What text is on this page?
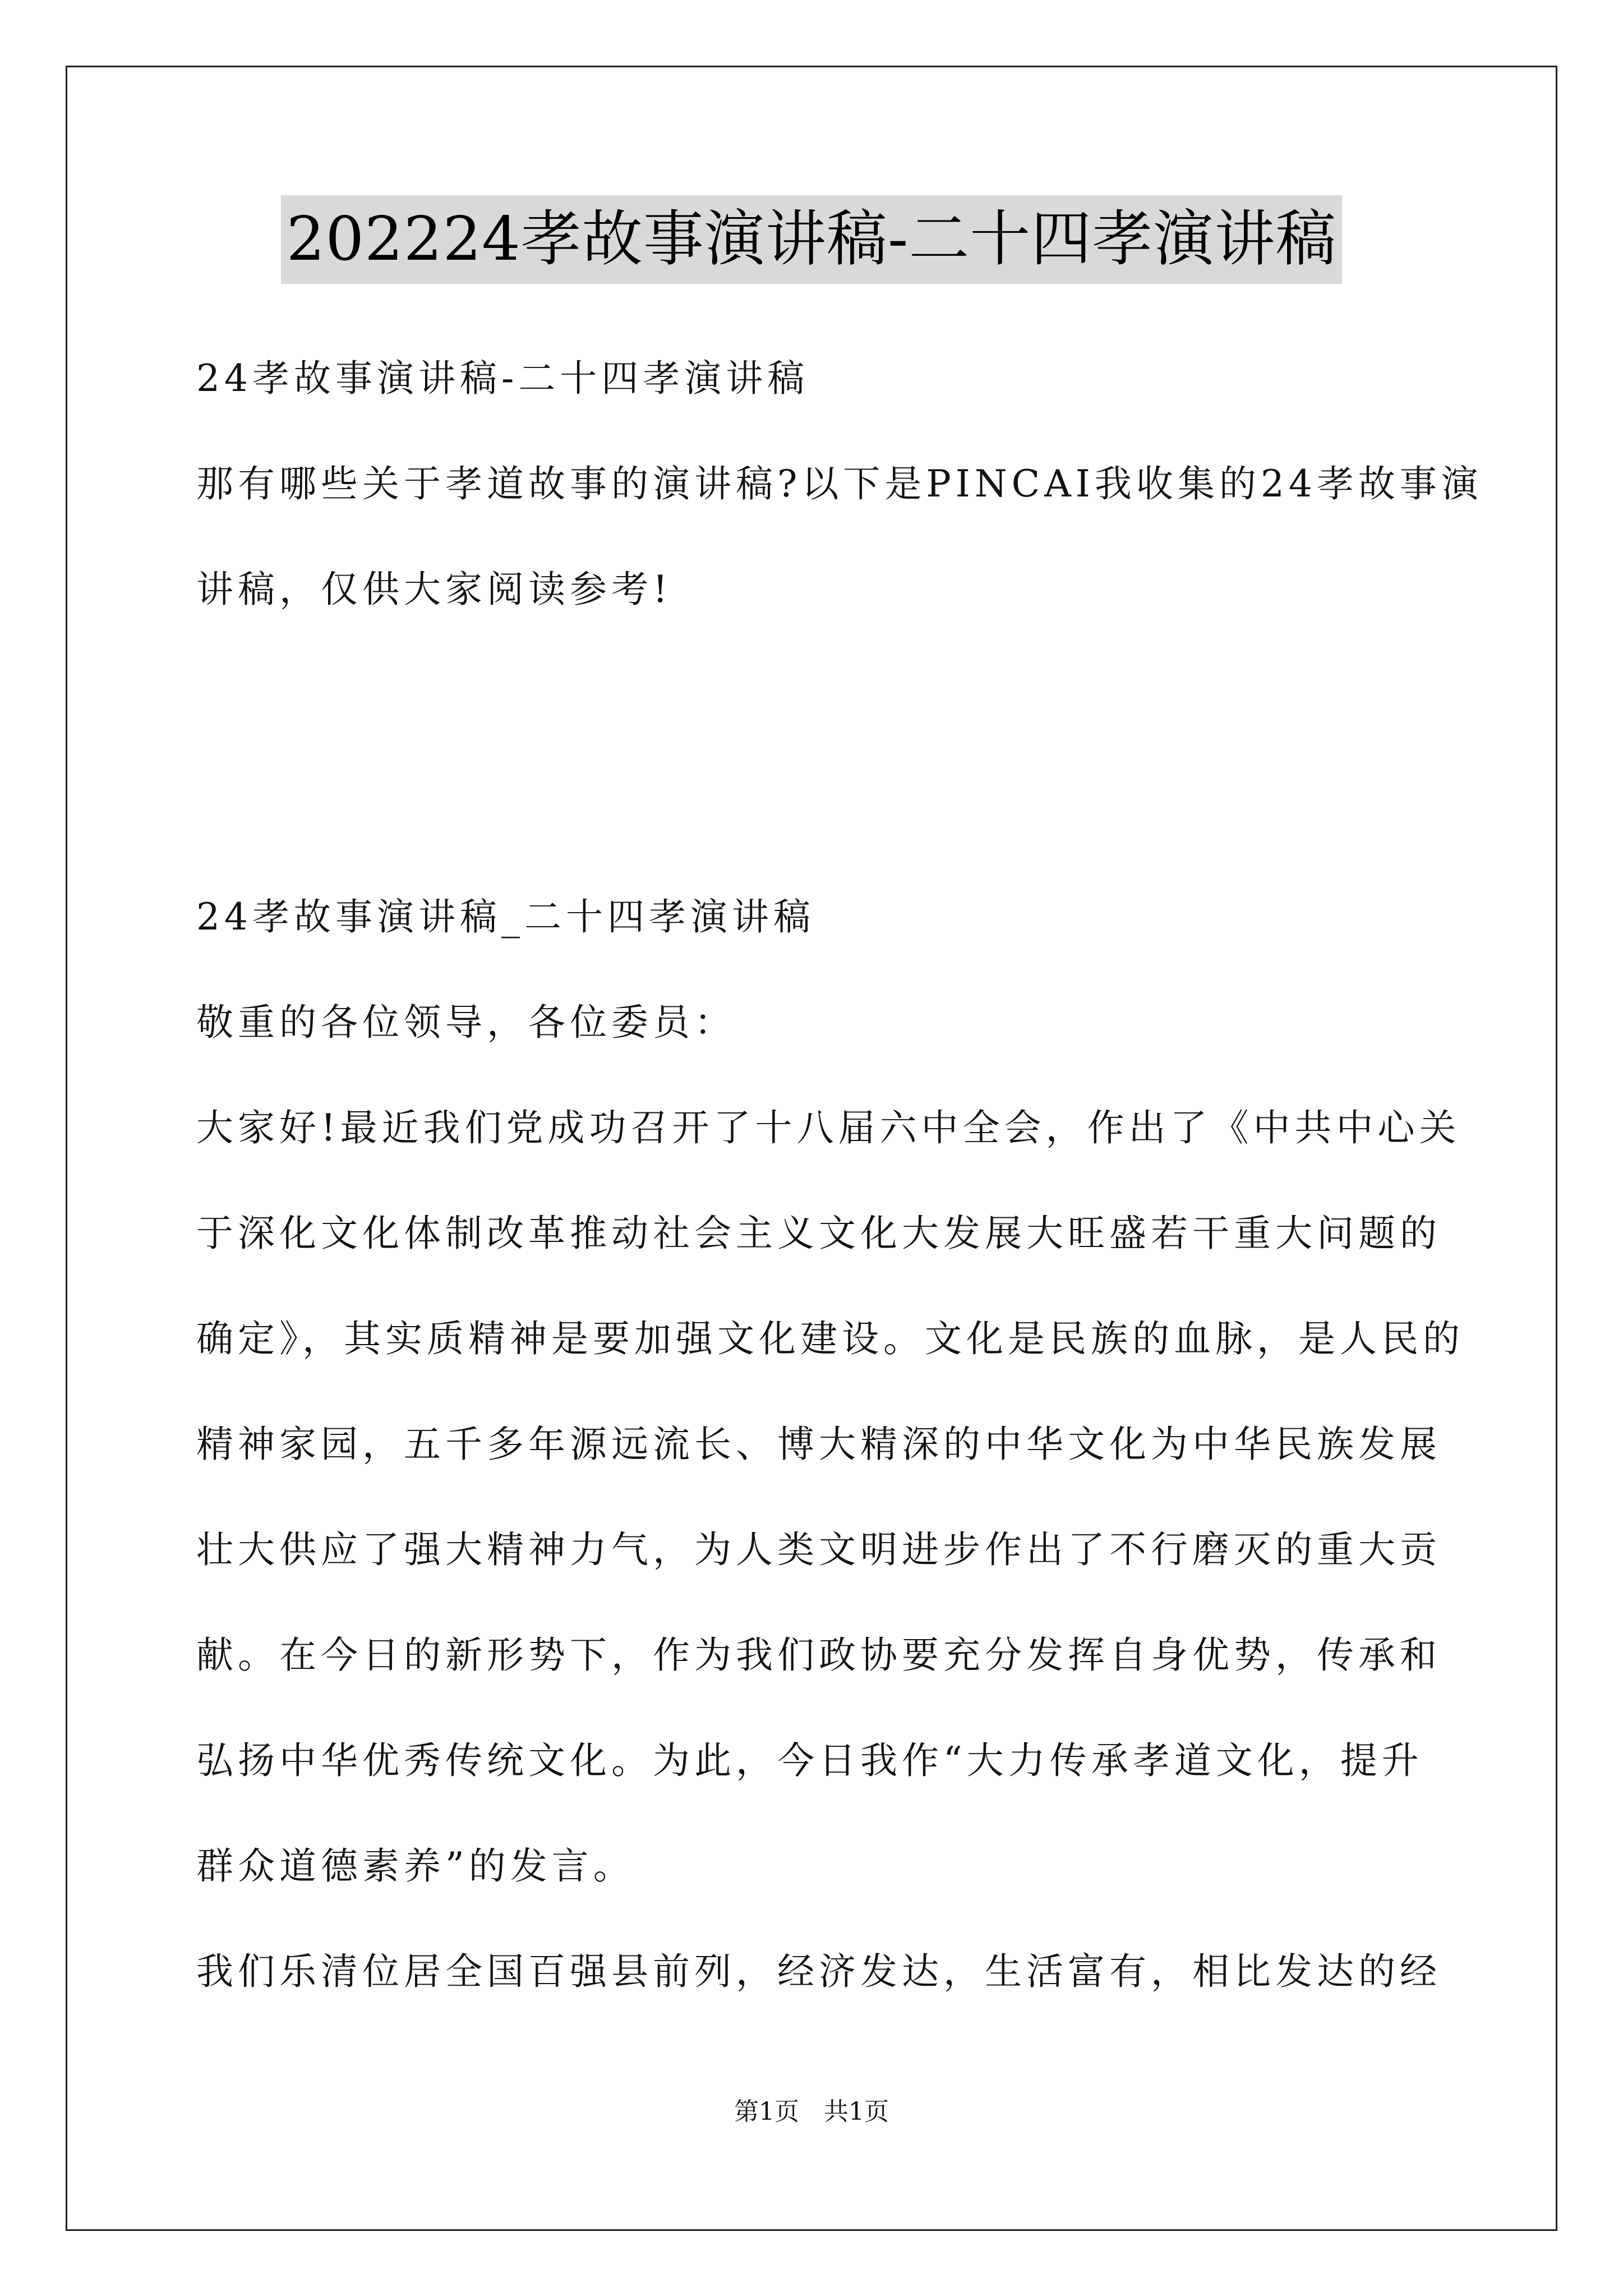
202224孝故事演讲稿-二十四孝演讲稿
24孝故事演讲稿-二十四孝演讲稿
那有哪些关于孝道故事的演讲稿?以下是PINCAI我收集的24孝故事演
讲稿，仅供大家阅读参考!
24孝故事演讲稿_二十四孝演讲稿
敬重的各位领导，各位委员：
大家好!最近我们党成功召开了十八届六中全会，作出了《中共中心关
于深化文化体制改革推动社会主义文化大发展大旺盛若干重大问题的
确定》，其实质精神是要加强文化建设。文化是民族的血脉，是人民的
精神家园，五千多年源远流长、博大精深的中华文化为中华民族发展
壮大供应了强大精神力气，为人类文明进步作出了不行磨灭的重大贡
献。在今日的新形势下，作为我们政协要充分发挥自身优势，传承和
弘扬中华优秀传统文化。为此，今日我作“大力传承孝道文化，提升
群众道德素养”的发言。
我们乐清位居全国百强县前列，经济发达，生活富有，相比发达的经
第1页　共1页
